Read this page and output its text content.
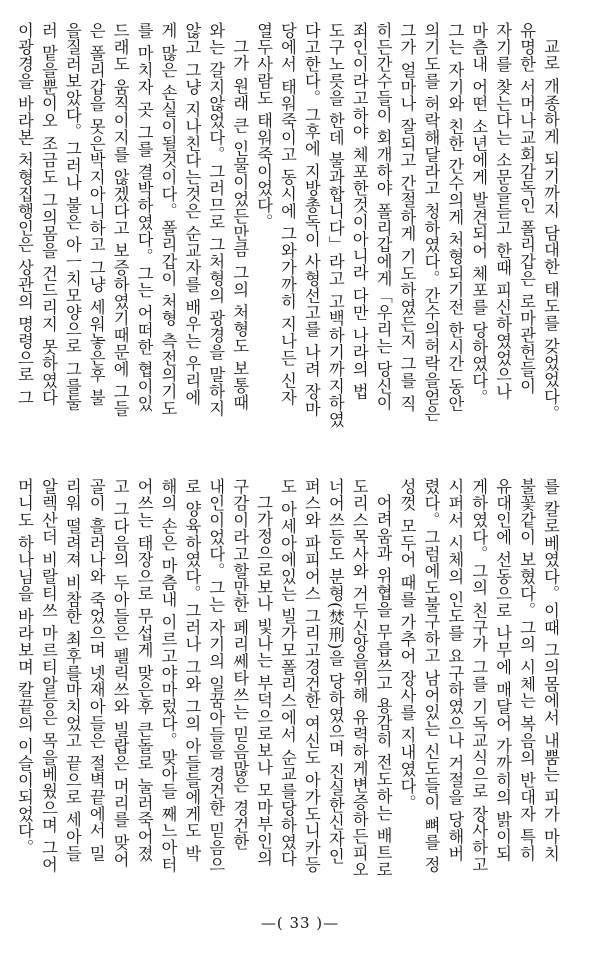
교로 개종하게 되기까지 담대한 태도를 갖었었다。
유명한 서머나교회감독인 폴리갑은 로마관헌들이
자기를 찾는다는 소문을듣고 한때 피신하였었으나
마츰내 어떤 소년에게 발견되어 체포를 당하였다。
그는 자기와 친한 간수의게 처형되기전 한시간 동안
의기도를 허락해달라고 청하였다。간수의허락을얻은
그가 얼마나 잘되고 간절하게 기도하였든지 그를 직
히든간수들이 회개하야 폴리갑에게「우리는 당신이
죄인이라고하야 체포한것이아니라 다만 나라의 법
도구노릇을 한데 불과합니다」라고 고백하기까지하였
다고한다。그후에 지방총독이 사형선고를 나려 장마
당에서 태워죽이고 동시에 그와가까히 지나든 신자
열두사람도 태워죽이었다。
그가 원래 큰 인물이었든만큼 그의 처형도 보통때
와는 갈지않었다。그러므로 그처형의 광경을 말하지
않고 그냥 지나친다는것은 순교자를 배우는 우리에
게 많은 손실이될것이다。폴리갑이 처형 측전의기도
를 마치자 곳 그를 결박하였다。그는 어떠한 협이있
드래도 움직이지를 않겠다고 보증하였기때문에 그들
은 폴리갑을 못은박지아니하고 그냥 세워놓은후 불
을질러보았다。그러나 불은 아ㅡ치모양으로 그를둘
러 맡을뿐이오 조금도 그의몸을 건드리지 못하였다
이광경을 바라본 처형집행인은 상관의 명령으로 그
를 칼로베였다。이때 그의몸에서 내뿜는 피가 마치
불꽃같이 보혔다。그의 시체는 복음의 반대자 특히
유대인에 선동으로 나무에 매달어 가까히의 밝이되
게하였다。그의 친구가 그를 기독교식으로 장사하고
시퍼서 시체의 인도를 요구하였으나 거절을 당해버
렸다。그럼에도불구하고 남어있는 신도들이 뼈를 정
성껏 모두어 때를 가추어 장사를 지내였다。
어려움과 위협을 무릅쓰고 용감히 전도하는 배트로
도리스목사와 거두신앙을위해 유력하게변증하든피오
너어쓰등도 분형(焚刑)을 당하였으며 진실한신자인
퍼스와 파피어스 그리고경건한 여신도 아가도니카등
도 아세아에있는 빌가모폴리스에서 순교를당하였다
그가정으로보나 빛나는 부덕으로보나 모마부인의
구감이라고할만한 페리쎄타쓰는 믿음많은 경건한
내인이었다。그는 자기의 일꿈아들을 경건한 믿음으
로 양육하였다。그러나 그와 그의 아들들에게도 박
해의 손은 마츰내 이르고야마렀다。맞아들 째느아터
어쓰는 태장으로 무섭게 맞은후 큰돌로 눌러죽어졌
고 그다음의 두아들은 펠릭쓰와 빌랍은 머리를 맞어
골이 흘러나와 죽었으며 넷재아들은 절벽끝에서 밀
리워 떨려져 비참한 최후를마치었고 끝으로 세아들
알렉산더 비랄티쓰 마르티알등은 목을베웠으며 그어
머니도 하나님을 바라보며 칼끝의 이슬이되었다。
—( 33 )—
